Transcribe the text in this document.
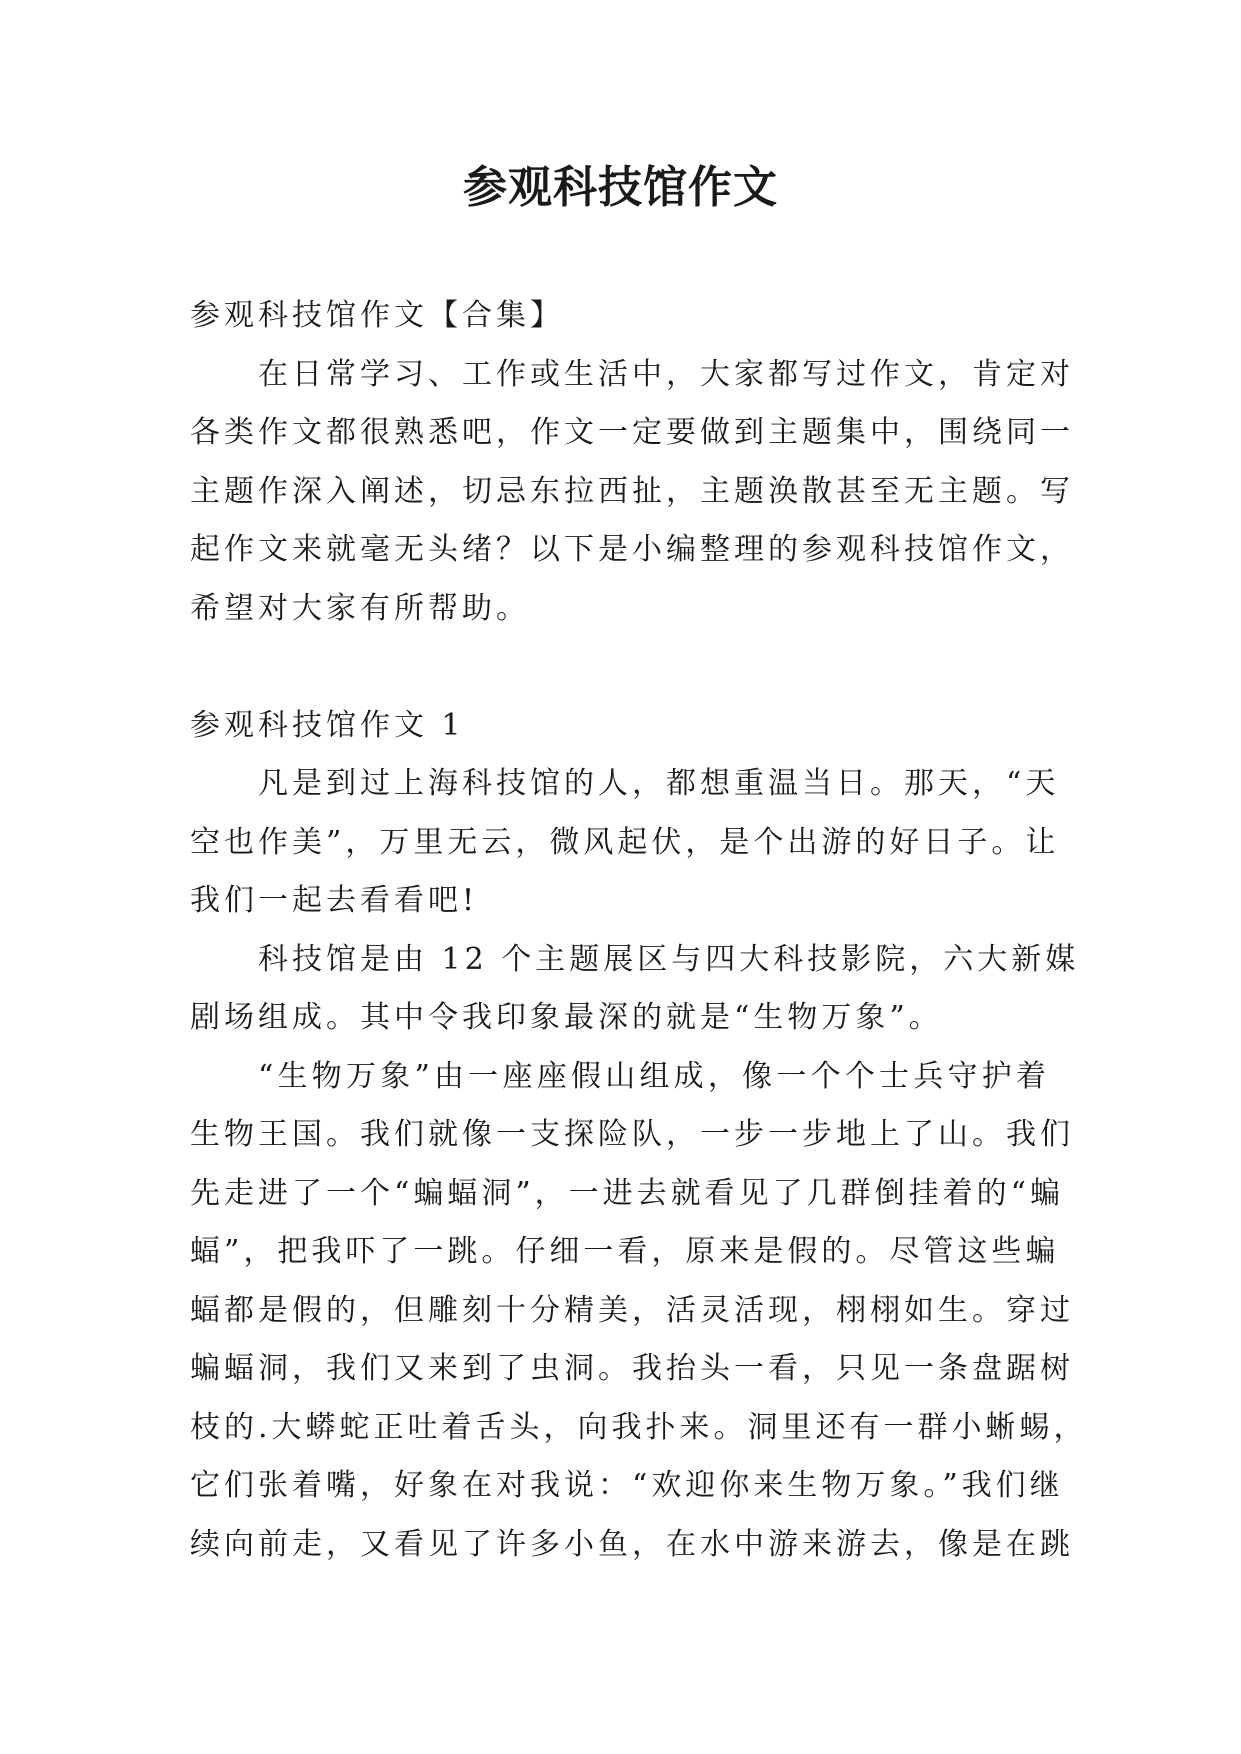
参观科技馆作文
参观科技馆作文【合集】
在日常学习、工作或生活中，大家都写过作文，肯定对
各类作文都很熟悉吧，作文一定要做到主题集中，围绕同一
主题作深入阐述，切忌东拉西扯，主题涣散甚至无主题。写
起作文来就毫无头绪？以下是小编整理的参观科技馆作文，
希望对大家有所帮助。
参观科技馆作文 1
凡是到过上海科技馆的人，都想重温当日。那天，“天
空也作美”，万里无云，微风起伏，是个出游的好日子。让
我们一起去看看吧!
科技馆是由 12 个主题展区与四大科技影院，六大新媒
剧场组成。其中令我印象最深的就是“生物万象”。
“生物万象”由一座座假山组成，像一个个士兵守护着
生物王国。我们就像一支探险队，一步一步地上了山。我们
先走进了一个“蝙蝠洞”，一进去就看见了几群倒挂着的“蝙
蝠”，把我吓了一跳。仔细一看，原来是假的。尽管这些蝙
蝠都是假的，但雕刻十分精美，活灵活现，栩栩如生。穿过
蝙蝠洞，我们又来到了虫洞。我抬头一看，只见一条盘踞树
枝的.大蟒蛇正吐着舌头，向我扑来。洞里还有一群小蜥蜴，
它们张着嘴，好象在对我说：“欢迎你来生物万象。”我们继
续向前走，又看见了许多小鱼，在水中游来游去，像是在跳
